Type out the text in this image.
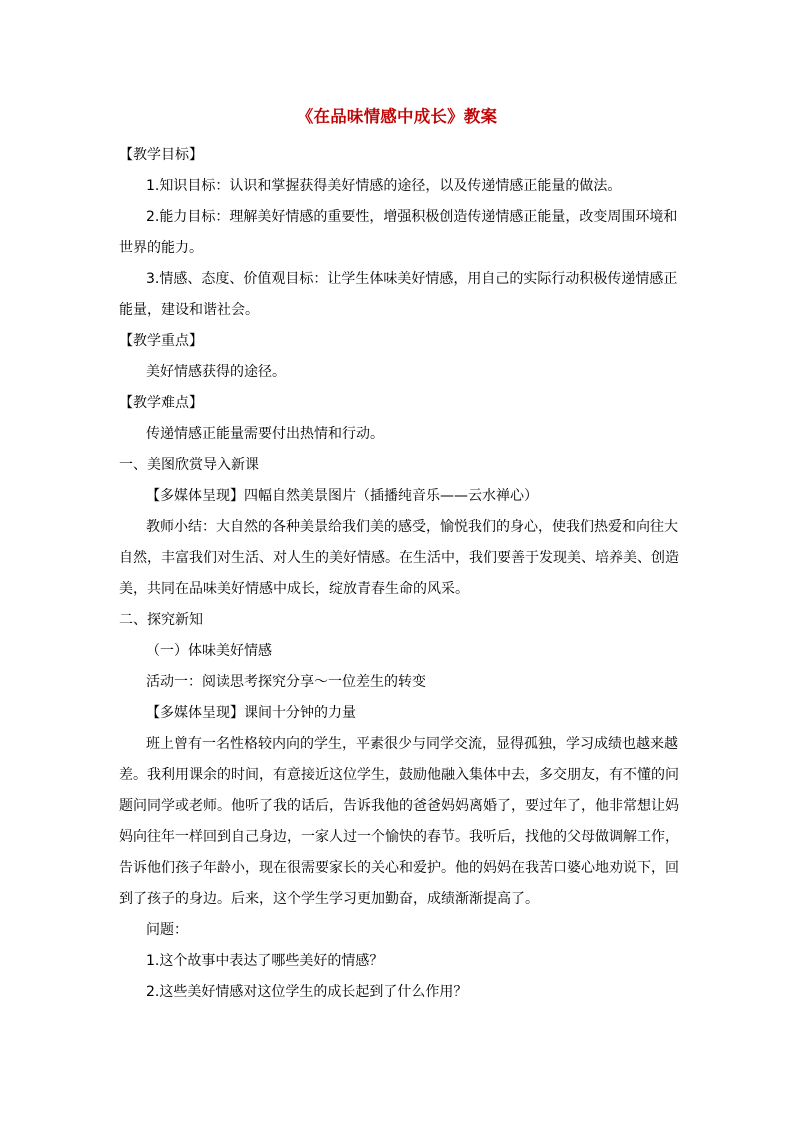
《在品味情感中成长》教案
【教学目标】
1.知识目标：认识和掌握获得美好情感的途径，以及传递情感正能量的做法。
2.能力目标：理解美好情感的重要性，增强积极创造传递情感正能量，改变周围环境和
世界的能力。
3.情感、态度、价值观目标：让学生体味美好情感，用自己的实际行动积极传递情感正
能量，建设和谐社会。
【教学重点】
美好情感获得的途径。
【教学难点】
传递情感正能量需要付出热情和行动。
一、美图欣赏导入新课
【多媒体呈现】四幅自然美景图片（插播纯音乐——云水禅心）
教师小结：大自然的各种美景给我们美的感受，愉悦我们的身心，使我们热爱和向往大
自然，丰富我们对生活、对人生的美好情感。在生活中，我们要善于发现美、培养美、创造
美，共同在品味美好情感中成长，绽放青春生命的风采。
二、探究新知
（一）体味美好情感
活动一：阅读思考探究分享～一位差生的转变
【多媒体呈现】课间十分钟的力量
班上曾有一名性格较内向的学生，平素很少与同学交流，显得孤独，学习成绩也越来越
差。我利用课余的时间，有意接近这位学生，鼓励他融入集体中去，多交朋友，有不懂的问
题问同学或老师。他听了我的话后，告诉我他的爸爸妈妈离婚了，要过年了，他非常想让妈
妈向往年一样回到自己身边，一家人过一个愉快的春节。我听后，找他的父母做调解工作，
告诉他们孩子年龄小，现在很需要家长的关心和爱护。他的妈妈在我苦口婆心地劝说下，回
到了孩子的身边。后来，这个学生学习更加勤奋，成绩渐渐提高了。
问题：
1.这个故事中表达了哪些美好的情感？
2.这些美好情感对这位学生的成长起到了什么作用？
